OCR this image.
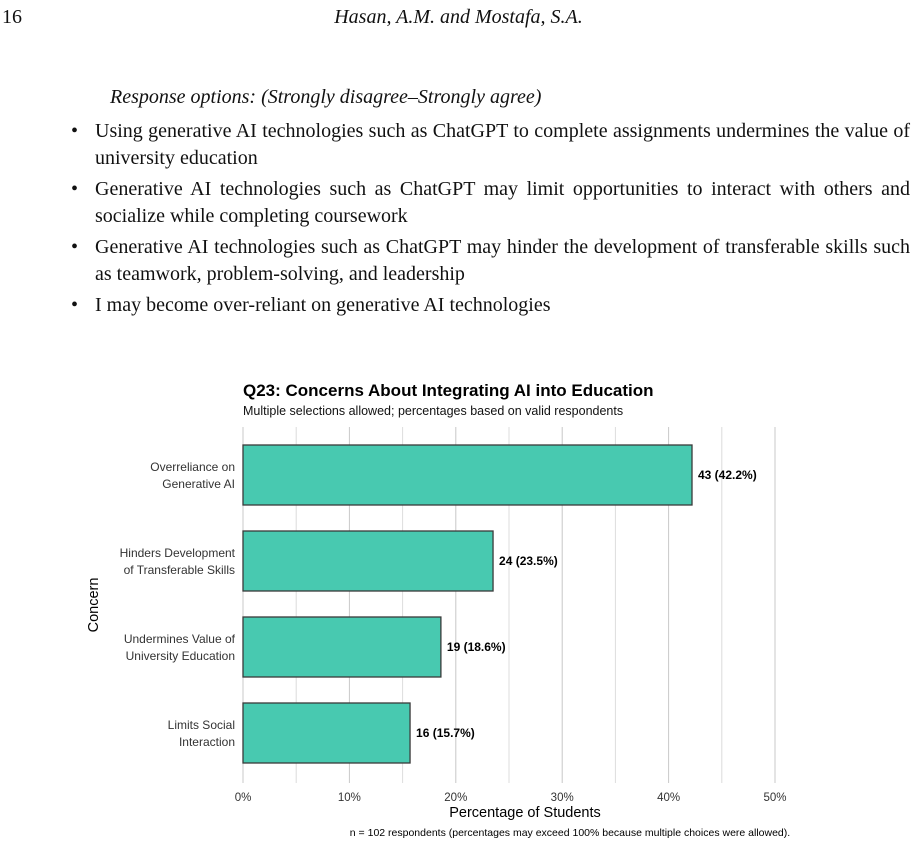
16	Hasan, A.M. and Mostafa, S.A.
Response options: (Strongly disagree–Strongly agree)
• Using generative AI technologies such as ChatGPT to complete assignments undermines the value of university education
• Generative AI technologies such as ChatGPT may limit opportunities to interact with others and socialize while completing coursework
• Generative AI technologies such as ChatGPT may hinder the development of transferable skills such as teamwork, problem-solving, and leadership
• I may become over-reliant on generative AI technologies
0%	10%	20%	30%	40%	50%
43 (42.2%)
Overreliance on
Generative AI
24 (23.5%)
Hinders Development
of Transferable Skills
19 (18.6%)
Undermines Value of
University Education
16 (15.7%)
Limits Social
Interaction
Q23: Concerns About Integrating AI into Education
Multiple selections allowed; percentages based on valid respondents
Percentage of Students
Concern
n = 102 respondents (percentages may exceed 100% because multiple choices were allowed).
